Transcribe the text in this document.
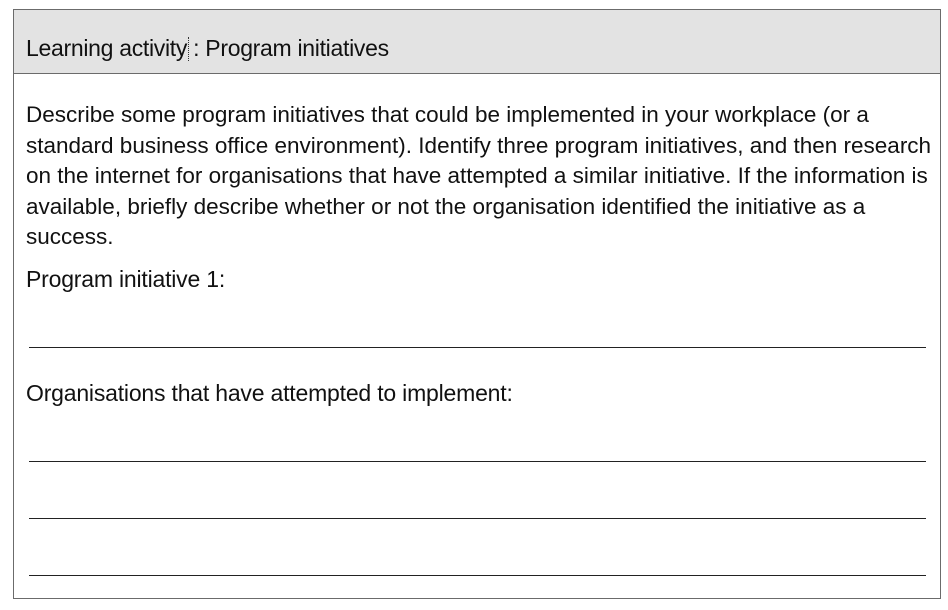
Learning activity : Program initiatives

Describe some program initiatives that could be implemented in your workplace (or a standard business office environment). Identify three program initiatives, and then research on the internet for organisations that have attempted a similar initiative. If the information is available, briefly describe whether or not the organisation identified the initiative as a success.

Program initiative 1:
Organisations that have attempted to implement:
